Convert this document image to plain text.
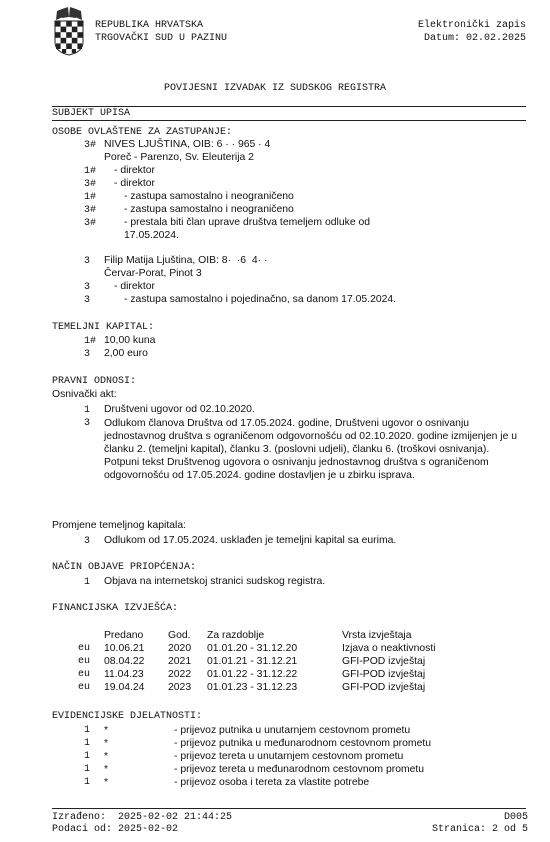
REPUBLIKA HRVATSKA
TRGOVAČKI SUD U PAZINU
Elektronički zapis
Datum: 02.02.2025
POVIJESNI IZVADAK IZ SUDSKOG REGISTRA
SUBJEKT UPISA
OSOBE OVLAŠTENE ZA ZASTUPANJE:
3# NIVES LJUŠTINA, OIB: 6 · · 965 · 4
Poreč - Parenzo, Sv. Eleuterija 2
1# - direktor
3# - direktor
1#	- zastupa samostalno i neograničeno
3#	- zastupa samostalno i neograničeno
3#	- prestala biti član uprave društva temeljem odluke od
17.05.2024.
3 Filip Matija Ljuština, OIB: 8·  ·6  4· ·
Červar-Porat, Pinot 3
3 - direktor
3	- zastupa samostalno i pojedinačno, sa danom 17.05.2024.
TEMELJNI KAPITAL:
1# 10,00 kuna
3 2,00 euro
PRAVNI ODNOSI:
Osnivački akt:
1 Društveni ugovor od 02.10.2020.
3 Odlukom članova Društva od 17.05.2024. godine, Društveni ugovor o osnivanju jednostavnog društva s ograničenom odgovornošću od 02.10.2020. godine izmijenjen je u članku 2. (temeljni kapital), članku 3. (poslovni udjeli), članku 6. (troškovi osnivanja). Potpuni tekst Društvenog ugovora o osnivanju jednostavnog društva s ograničenom odgovornošću od 17.05.2024. godine dostavljen je u zbirku isprava.
Promjene temeljnog kapitala:
3 Odlukom od 17.05.2024. usklađen je temeljni kapital sa eurima.
NAČIN OBJAVE PRIOPĆENJA:
1 Objava na internetskoj stranici sudskog registra.
FINANCIJSKA IZVJEŠĆA:
Predano God. Za razdoblje	Vrsta izvještaja
eu 10.06.21 2020 01.01.20 - 31.12.20	Izjava o neaktivnosti
eu 08.04.22 2021 01.01.21 - 31.12.21	GFI-POD izvještaj
eu 11.04.23 2022 01.01.22 - 31.12.22	GFI-POD izvještaj
eu 19.04.24 2023 01.01.23 - 31.12.23	GFI-POD izvještaj
EVIDENCIJSKE DJELATNOSTI:
1 *	- prijevoz putnika u unutarnjem cestovnom prometu
1 *	- prijevoz putnika u međunarodnom cestovnom prometu
1 *	- prijevoz tereta u unutarnjem cestovnom prometu
1 *	- prijevoz tereta u međunarodnom cestovnom prometu
1 *	- prijevoz osoba i tereta za vlastite potrebe
Izrađeno:  2025-02-02 21:44:25
Podaci od: 2025-02-02
D005
Stranica: 2 od 5
